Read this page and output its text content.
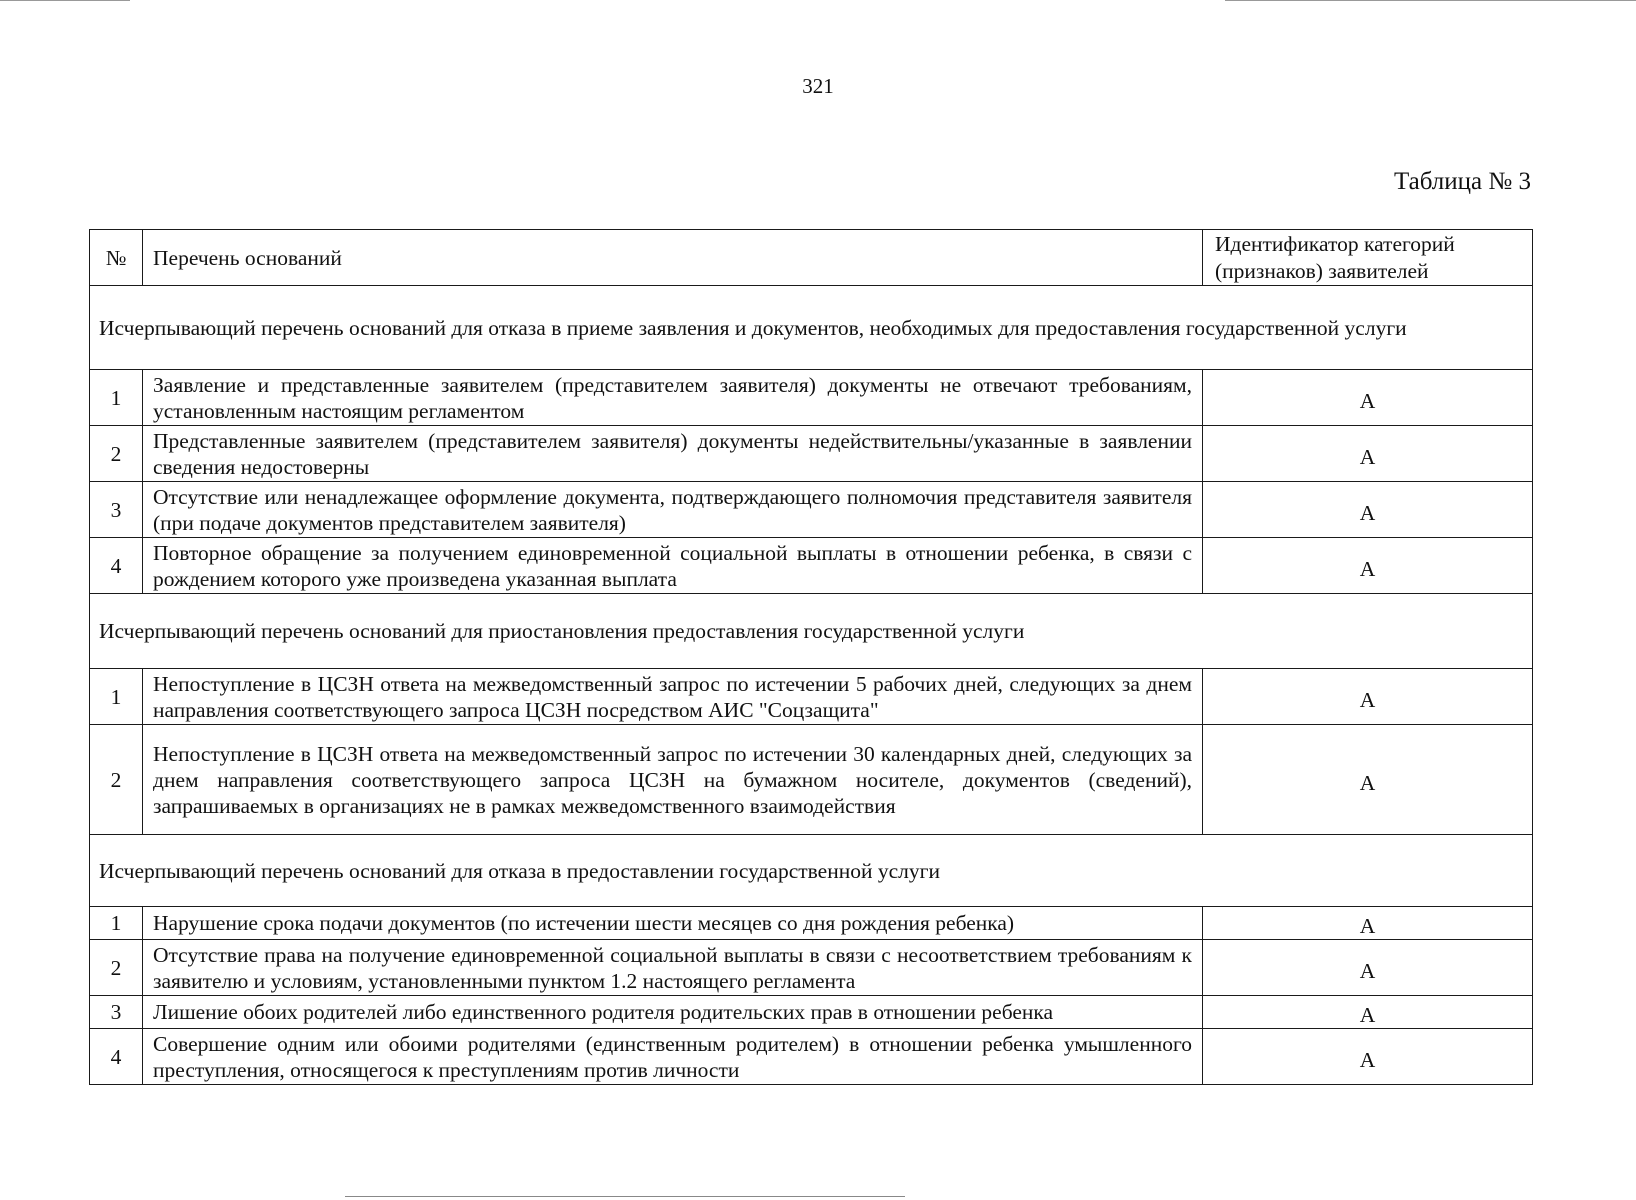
321
Таблица № 3
№	Перечень оснований	Идентификатор категорий (признаков) заявителей
Исчерпывающий перечень оснований для отказа в приеме заявления и документов, необходимых для предоставления государственной услуги		
1	Заявление и представленные заявителем (представителем заявителя) документы не отвечают требованиям, установленным настоящим регламентом	А
2	Представленные заявителем (представителем заявителя) документы недействительны/указанные в заявлении сведения недостоверны	А
3	Отсутствие или ненадлежащее оформление документа, подтверждающего полномочия представителя заявителя (при подаче документов представителем заявителя)	А
4	Повторное обращение за получением единовременной социальной выплаты в отношении ребенка, в связи с рождением которого уже произведена указанная выплата	А
Исчерпывающий перечень оснований для приостановления предоставления государственной услуги		
1	Непоступление в ЦСЗН ответа на межведомственный запрос по истечении 5 рабочих дней, следующих за днем направления соответствующего запроса ЦСЗН посредством АИС "Соцзащита"	А
2	Непоступление в ЦСЗН ответа на межведомственный запрос по истечении 30 календарных дней, следующих за днем направления соответствующего запроса ЦСЗН на бумажном носителе, документов (сведений), запрашиваемых в организациях не в рамках межведомственного взаимодействия	А
Исчерпывающий перечень оснований для отказа в предоставлении государственной услуги		
1	Нарушение срока подачи документов (по истечении шести месяцев со дня рождения ребенка)	А
2	Отсутствие права на получение единовременной социальной выплаты в связи с несоответствием требованиям к заявителю и условиям, установленными пунктом 1.2 настоящего регламента	А
3	Лишение обоих родителей либо единственного родителя родительских прав в отношении ребенка	А
4	Совершение одним или обоими родителями (единственным родителем) в отношении ребенка умышленного преступления, относящегося к преступлениям против личности	А
